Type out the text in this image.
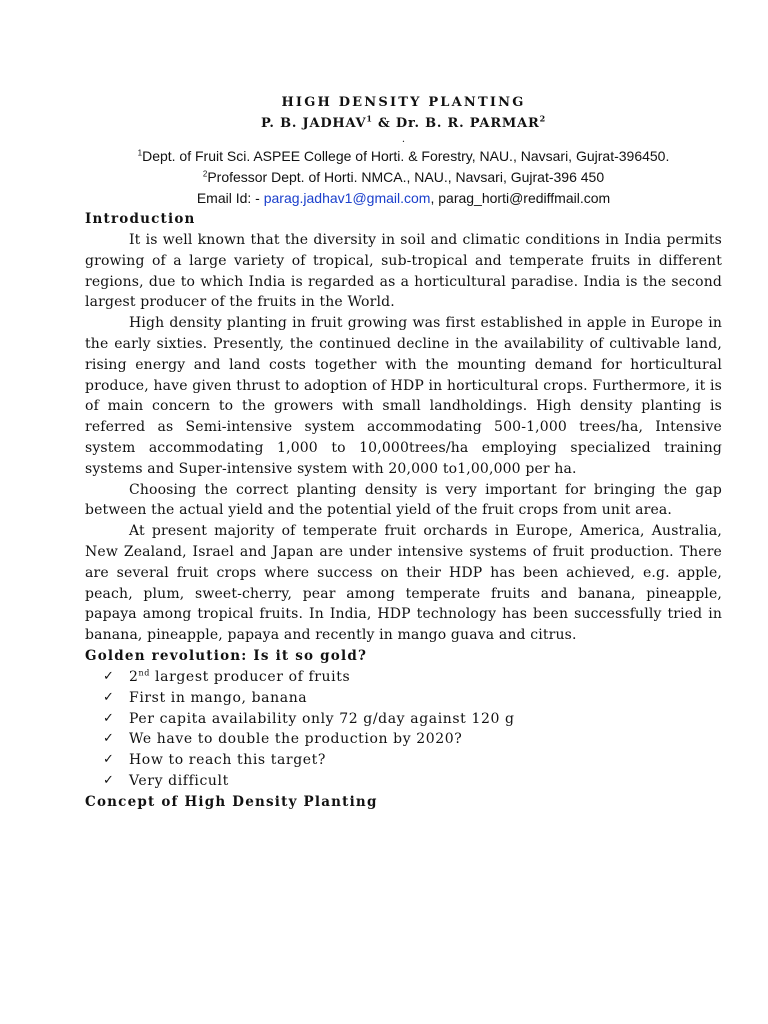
HIGH DENSITY PLANTING
P. B. JADHAV$^1$ & Dr. B. R. PARMAR$^2$
.
$^1$Dept. of Fruit Sci. ASPEE College of Horti. & Forestry, NAU., Navsari, Gujrat-396450.
$^2$Professor Dept. of Horti. NMCA., NAU., Navsari, Gujrat-396 450
Email Id: - parag.jadhav1@gmail.com, parag_horti@rediffmail.com
Introduction

It is well known that the diversity in soil and climatic conditions in India permits growing of a large variety of tropical, sub-tropical and temperate fruits in different regions, due to which India is regarded as a horticultural paradise. India is the second largest producer of the fruits in the World.

High density planting in fruit growing was first established in apple in Europe in the early sixties. Presently, the continued decline in the availability of cultivable land, rising energy and land costs together with the mounting demand for horticultural produce, have given thrust to adoption of HDP in horticultural crops. Furthermore, it is of main concern to the growers with small landholdings. High density planting is referred as Semi-intensive system accommodating 500-1,000 trees/ha, Intensive system accommodating 1,000 to 10,000trees/ha employing specialized training systems and Super-intensive system with 20,000 to1,00,000 per ha.

Choosing the correct planting density is very important for bringing the gap between the actual yield and the potential yield of the fruit crops from unit area.

At present majority of temperate fruit orchards in Europe, America, Australia, New Zealand, Israel and Japan are under intensive systems of fruit production. There are several fruit crops where success on their HDP has been achieved, e.g. apple, peach, plum, sweet-cherry, pear among temperate fruits and banana, pineapple, papaya among tropical fruits. In India, HDP technology has been successfully tried in banana, pineapple, papaya and recently in mango guava and citrus.

Golden revolution: Is it so gold?
✓ 2nd largest producer of fruits
✓ First in mango, banana
✓ Per capita availability only 72 g/day against 120 g
✓ We have to double the production by 2020?
✓ How to reach this target?
✓ Very difficult
Concept of High Density Planting
